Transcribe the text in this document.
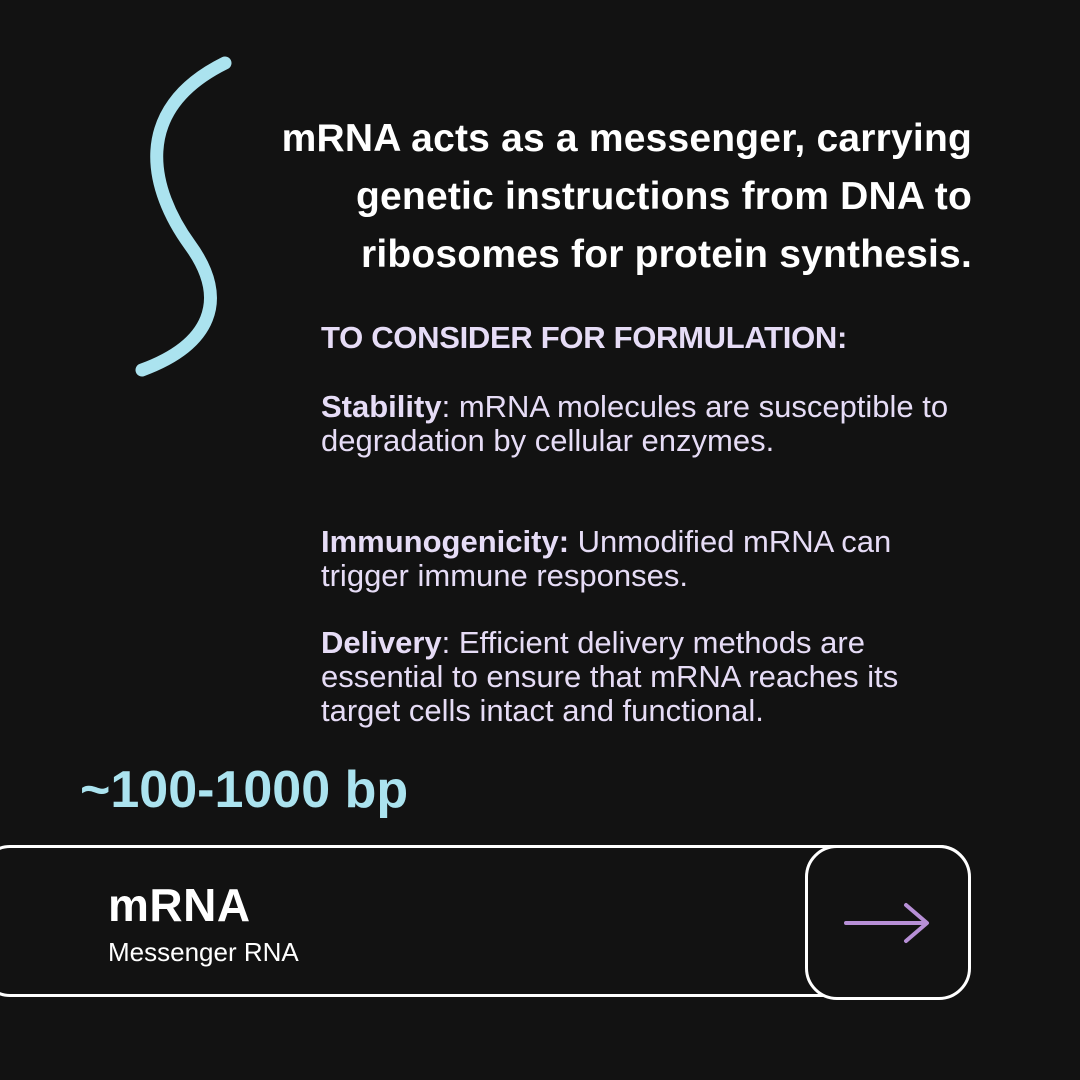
mRNA acts as a messenger, carrying genetic instructions from DNA to ribosomes for protein synthesis.

TO CONSIDER FOR FORMULATION:

Stability: mRNA molecules are susceptible to degradation by cellular enzymes.

Immunogenicity: Unmodified mRNA can trigger immune responses.

Delivery: Efficient delivery methods are essential to ensure that mRNA reaches its target cells intact and functional.

~100-1000 bp

mRNA

Messenger RNA
